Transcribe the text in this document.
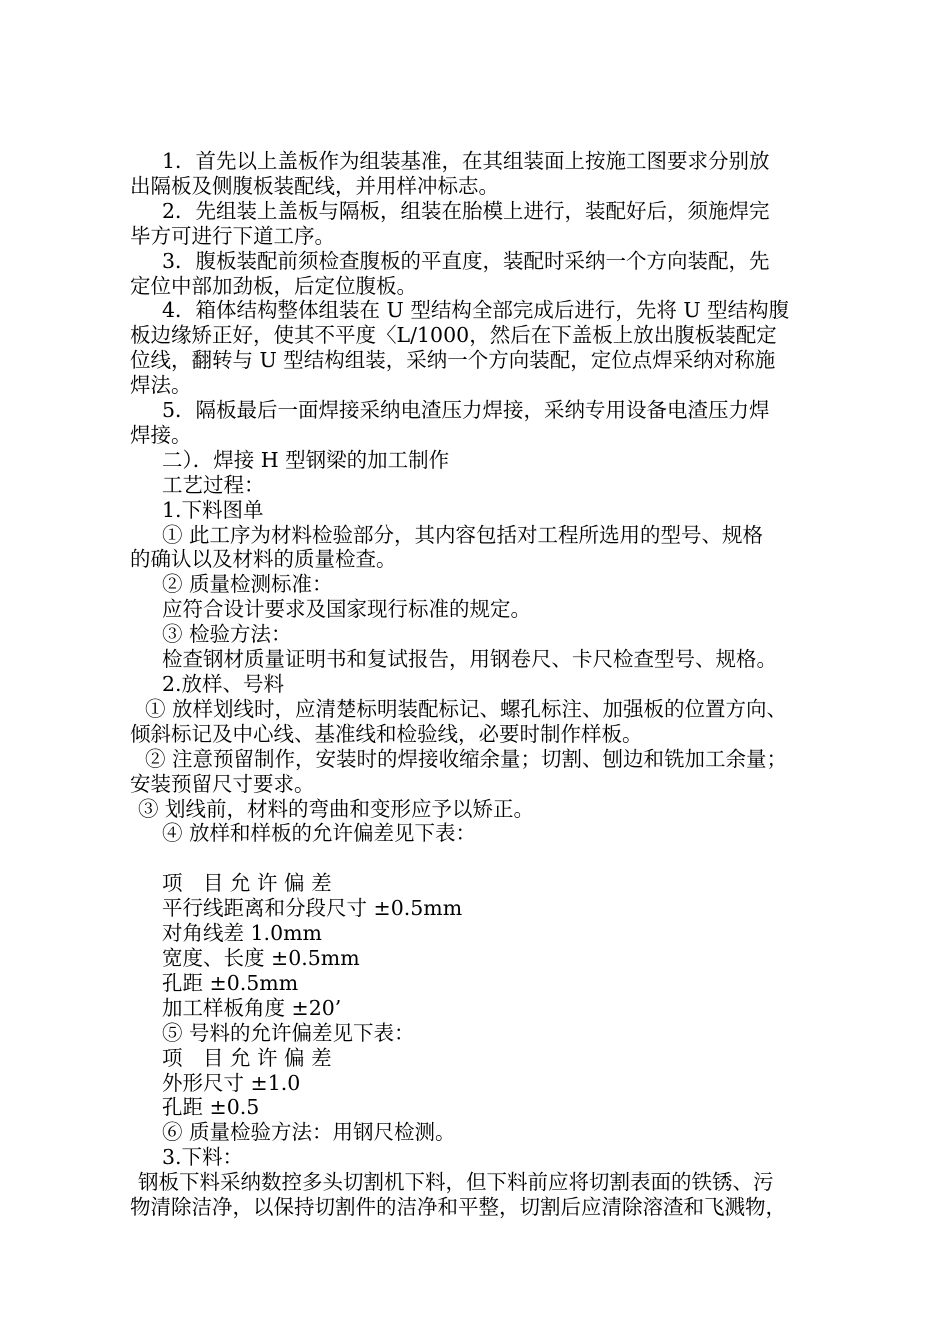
1．首先以上盖板作为组装基准，在其组装面上按施工图要求分别放
出隔板及侧腹板装配线，并用样冲标志。
2．先组装上盖板与隔板，组装在胎模上进行，装配好后，须施焊完
毕方可进行下道工序。
3．腹板装配前须检查腹板的平直度，装配时采纳一个方向装配，先
定位中部加劲板，后定位腹板。
4．箱体结构整体组装在 U 型结构全部完成后进行，先将 U 型结构腹
板边缘矫正好，使其不平度〈L/1000，然后在下盖板上放出腹板装配定
位线，翻转与 U 型结构组装，采纳一个方向装配，定位点焊采纳对称施
焊法。
5．隔板最后一面焊接采纳电渣压力焊接，采纳专用设备电渣压力焊
焊接。
二）．焊接 H 型钢梁的加工制作
工艺过程：
1.下料图单
① 此工序为材料检验部分，其内容包括对工程所选用的型号、规格
的确认以及材料的质量检查。
② 质量检测标准：
应符合设计要求及国家现行标准的规定。
③ 检验方法：
检查钢材质量证明书和复试报告，用钢卷尺、卡尺检查型号、规格。
2.放样、号料
① 放样划线时，应清楚标明装配标记、螺孔标注、加强板的位置方向、
倾斜标记及中心线、基准线和检验线，必要时制作样板。
② 注意预留制作，安装时的焊接收缩余量；切割、刨边和铣加工余量；
安装预留尺寸要求。
③ 划线前，材料的弯曲和变形应予以矫正。
④ 放样和样板的允许偏差见下表：
项　目 允 许 偏 差
平行线距离和分段尺寸 ±0.5mm
对角线差 1.0mm
宽度、长度 ±0.5mm
孔距 ±0.5mm
加工样板角度 ±20’
⑤ 号料的允许偏差见下表：
项　目 允 许 偏 差
外形尺寸 ±1.0
孔距 ±0.5
⑥ 质量检验方法：用钢尺检测。
3.下料：
钢板下料采纳数控多头切割机下料，但下料前应将切割表面的铁锈、污
物清除洁净，以保持切割件的洁净和平整，切割后应清除溶渣和飞溅物，
